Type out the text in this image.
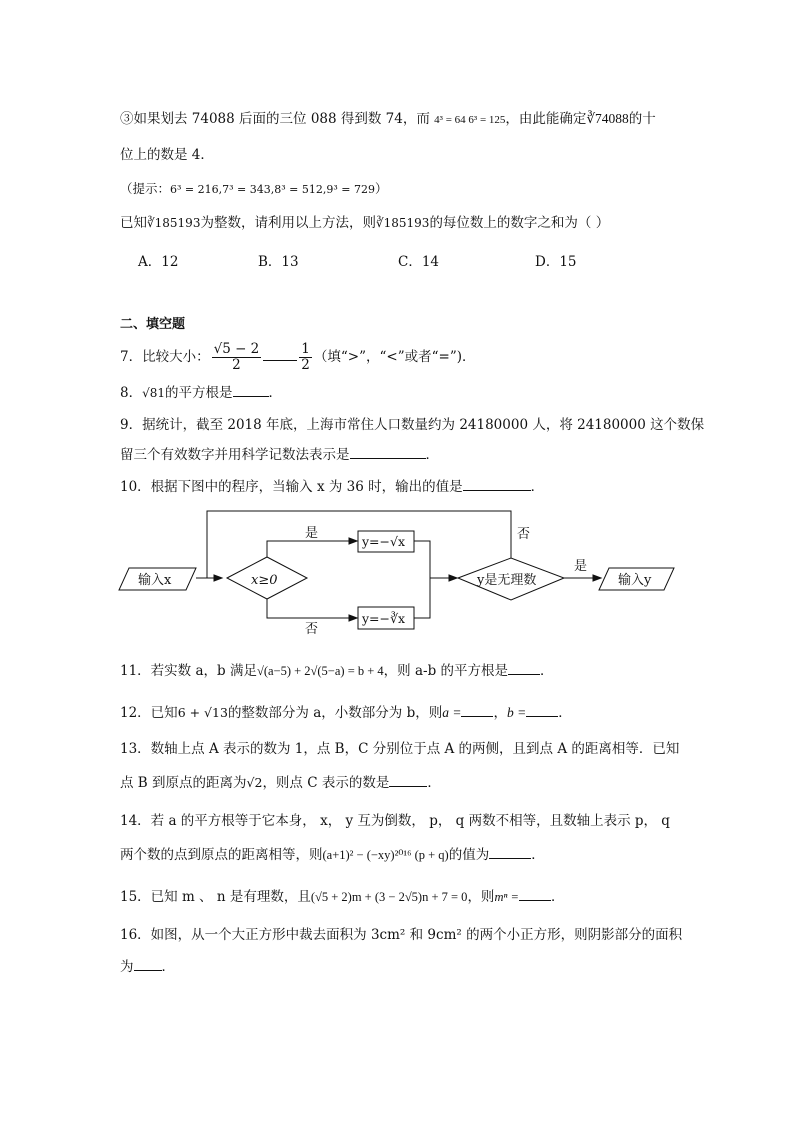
③如果划去 74088 后面的三位 088 得到数 74，而 4³ = 64 6³ = 125，由此能确定∛74088的十
位上的数是 4．
（提示：6³ = 216,7³ = 343,8³ = 512,9³ = 729）
已知∛185193为整数，请利用以上方法，则∛185193的每位数上的数字之和为（ ）
A．12	B．13	C．14	D．15
二、填空题
7．比较大小： $\frac{√5 - 2}{2}$	$\frac{1}{2}$ （填“>”，“<”或者“=”)．
8．√81的平方根是	．
9．据统计，截至 2018 年底，上海市常住人口数量约为 24180000 人，将 24180000 这个数保
留三个有效数字并用科学记数法表示是	．
10．根据下图中的程序，当输入 x 为 36 时，输出的值是	．
输入x	x≥0
是
否
y=−√x
y=−∛x
y是无理数
是
否
输入y
11．若实数 a，b 满足√(a−5) + 2√(5−a) = b + 4，则 a-b 的平方根是 ．
12．已知6 + √13的整数部分为 a，小数部分为 b，则a = ，b = ．
13．数轴上点 A 表示的数为 1，点 B，C 分别位于点 A 的两侧，且到点 A 的距离相等．已知
点 B 到原点的距离为√2，则点 C 表示的数是	．
14．若 a 的平方根等于它本身， x， y 互为倒数， p， q 两数不相等，且数轴上表示 p， q
两个数的点到原点的距离相等，则(a+1)² − (−xy)²⁰¹⁶ (p + q)的值为	．
15．已知 m 、 n 是有理数，且(√5 + 2)m + (3 − 2√5)n + 7 = 0，则mⁿ = ．
16．如图，从一个大正方形中裁去面积为 3cm² 和 9cm² 的两个小正方形，则阴影部分的面积
为 ．
